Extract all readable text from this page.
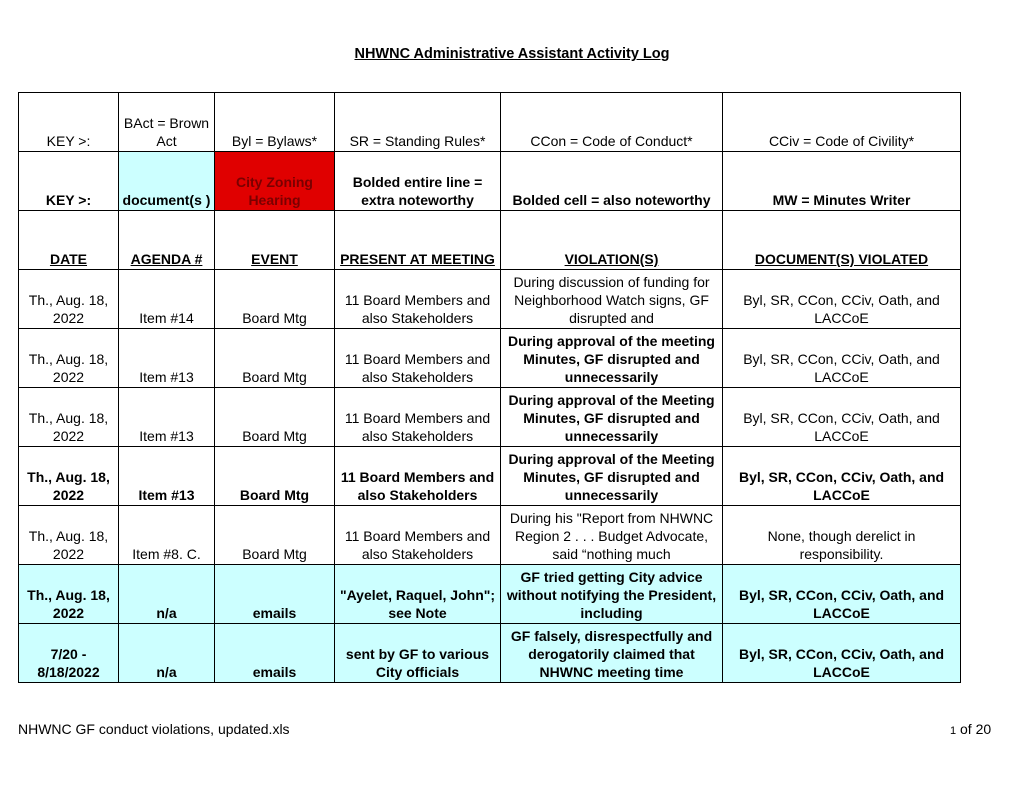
NHWNC Administrative Assistant Activity Log
KEY >:	BAct = Brown Act	Byl = Bylaws*	SR = Standing Rules*	CCon = Code of Conduct*	CCiv = Code of Civility*
KEY >:	document(s )	City Zoning Hearing	Bolded entire line = extra noteworthy	Bolded cell = also noteworthy	MW = Minutes Writer
DATE	AGENDA #	EVENT	PRESENT AT MEETING	VIOLATION(S)	DOCUMENT(S) VIOLATED
Th., Aug. 18, 2022	Item #14	Board Mtg	11 Board Members and also Stakeholders	During discussion of funding for Neighborhood Watch signs, GF disrupted and	Byl, SR, CCon, CCiv, Oath, and LACCoE
Th., Aug. 18, 2022	Item #13	Board Mtg	11 Board Members and also Stakeholders	During approval of the meeting Minutes, GF disrupted and unnecessarily	Byl, SR, CCon, CCiv, Oath, and LACCoE
Th., Aug. 18, 2022	Item #13	Board Mtg	11 Board Members and also Stakeholders	During approval of the Meeting Minutes, GF disrupted and unnecessarily	Byl, SR, CCon, CCiv, Oath, and LACCoE
Th., Aug. 18, 2022	Item #13	Board Mtg	11 Board Members and also Stakeholders	During approval of the Meeting Minutes, GF disrupted and unnecessarily	Byl, SR, CCon, CCiv, Oath, and LACCoE
Th., Aug. 18, 2022	Item #8. C.	Board Mtg	11 Board Members and also Stakeholders	During his "Report from NHWNC Region 2 . . . Budget Advocate, said “nothing much	None, though derelict in responsibility.
Th., Aug. 18, 2022	n/a	emails	"Ayelet, Raquel, John"; see Note	GF tried getting City advice without notifying the President, including	Byl, SR, CCon, CCiv, Oath, and LACCoE
7/20 - 8/18/2022	n/a	emails	sent by GF to various City officials	GF falsely, disrespectfully and derogatorily claimed that NHWNC meeting time	Byl, SR, CCon, CCiv, Oath, and LACCoE
NHWNC GF conduct violations, updated.xls	1 of 20
